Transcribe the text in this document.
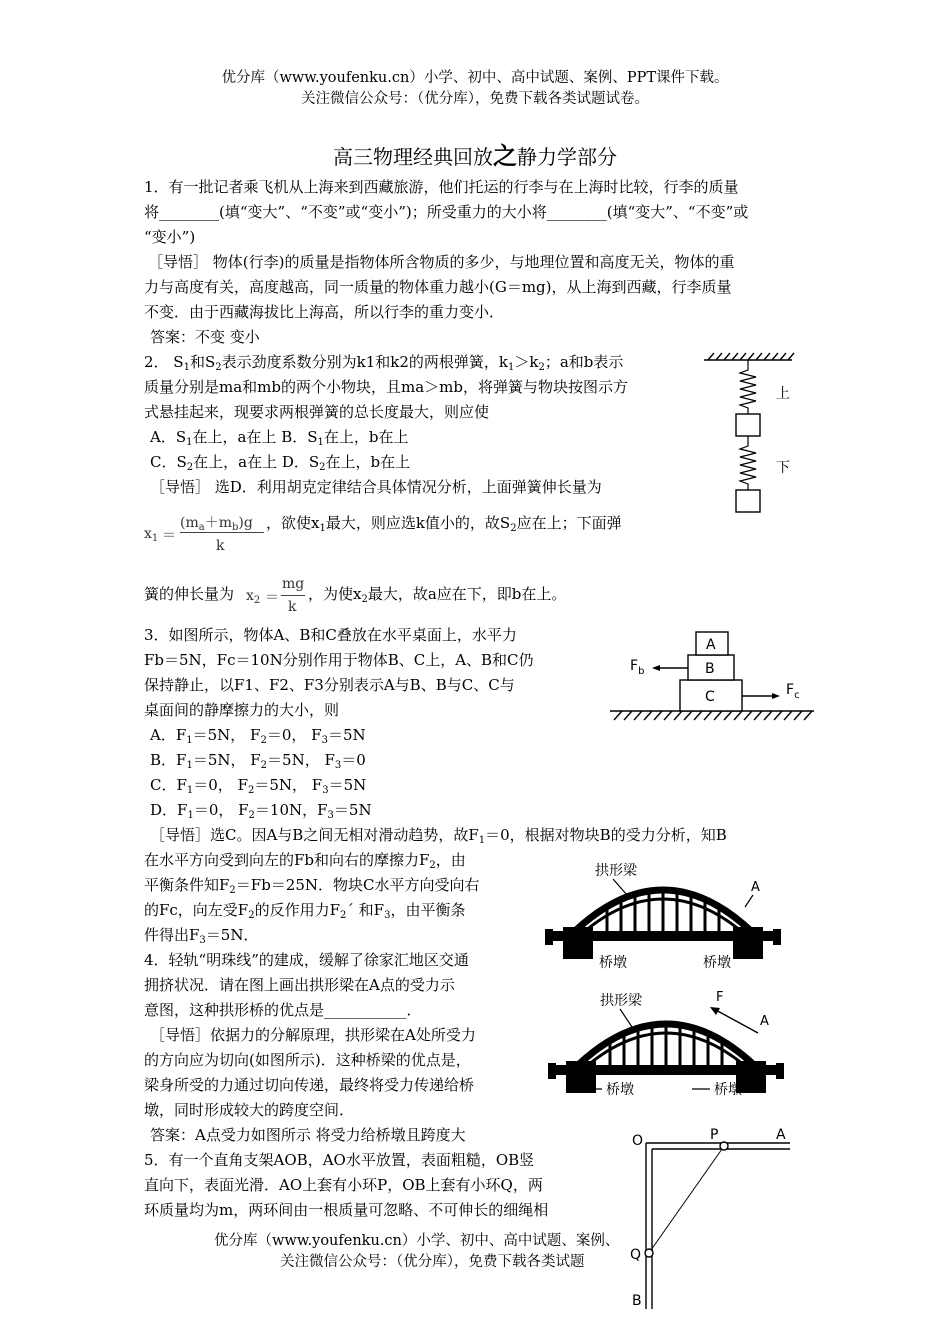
优分库（www.youfenku.cn）小学、初中、高中试题、案例、PPT课件下载。
关注微信公众号：（优分库），免费下载各类试题试卷。
高三物理经典回放之静力学部分
1．有一批记者乘飞机从上海来到西藏旅游，他们托运的行李与在上海时比较，行李的质量
将________(填“变大”、“不变”或“变小”)；所受重力的大小将________(填“变大”、“不变”或
“变小”)
［导悟］ 物体(行李)的质量是指物体所含物质的多少，与地理位置和高度无关，物体的重
力与高度有关，高度越高，同一质量的物体重力越小(G＝mg)，从上海到西藏，行李质量
不变．由于西藏海拔比上海高，所以行李的重力变小．
答案：不变 变小
2． $S_1$和$S_2$表示劲度系数分别为k1和k2的两根弹簧，$k_1>k_2$；a和b表示
质量分别是ma和mb的两个小物块，且ma＞mb，将弹簧与物块按图示方
式悬挂起来，现要求两根弹簧的总长度最大，则应使
A．$S_1$在上，a在上 B．$S_1$在上，b在上
C．$S_2$在上，a在上 D．$S_2$在上，b在上
［导悟］ 选D．利用胡克定律结合具体情况分析，上面弹簧伸长量为
$x_1$ ＝
$(m_a+m_b)g$
k
，欲使$x_1$最大，则应选k值小的，故$S_2$应在上；下面弹
簧的伸长量为 $x_2$ ＝
mg
k
，为使$x_2$最大，故a应在下，即b在上。
上
下
3．如图所示，物体A、B和C叠放在水平桌面上，水平力
Fb＝5N，Fc＝10N分别作用于物体B、C上，A、B和C仍
保持静止，以F1、F2、F3分别表示A与B、B与C、C与
桌面间的静摩擦力的大小，则
A．$F_1=5N$， $F_2=0$， $F_3=5N$
B．$F_1=5N$， $F_2=5N$， $F_3=0$
C．$F_1=0$， $F_2=5N$， $F_3=5N$
D．$F_1=0$， $F_2=10N$，$F_3=5N$
［导悟］选C。因A与B之间无相对滑动趋势，故$F_1=0$，根据对物块B的受力分析，知B
在水平方向受到向左的Fb和向右的摩擦力$F_2$，由
平衡条件知$F_2=Fb=25N$．物块C水平方向受向右
的Fc，向左受$F_2$的反作用力$F_2´$ 和$F_3$，由平衡条
件得出$F_3=5N$．
A
B
C
$F_b$
$F_c$
4．轻轨“明珠线”的建成，缓解了徐家汇地区交通
拥挤状况．请在图上画出拱形梁在A点的受力示
意图，这种拱形桥的优点是___________．
［导悟］依据力的分解原理，拱形梁在A处所受力
的方向应为切向(如图所示)．这种桥梁的优点是，
梁身所受的力通过切向传递，最终将受力传递给桥
墩，同时形成较大的跨度空间．
答案：A点受力如图所示 将受力给桥墩且跨度大
拱形梁
A
桥墩	桥墩
拱形梁	F
A
桥墩	桥墩
5．有一个直角支架AOB，AO水平放置，表面粗糙，OB竖
直向下，表面光滑．AO上套有小环P，OB上套有小环Q，两
环质量均为m，两环间由一根质量可忽略、不可伸长的细绳相
优分库（www.youfenku.cn）小学、初中、高中试题、案例、
关注微信公众号：（优分库），免费下载各类试题
O	P	A
Q
B
